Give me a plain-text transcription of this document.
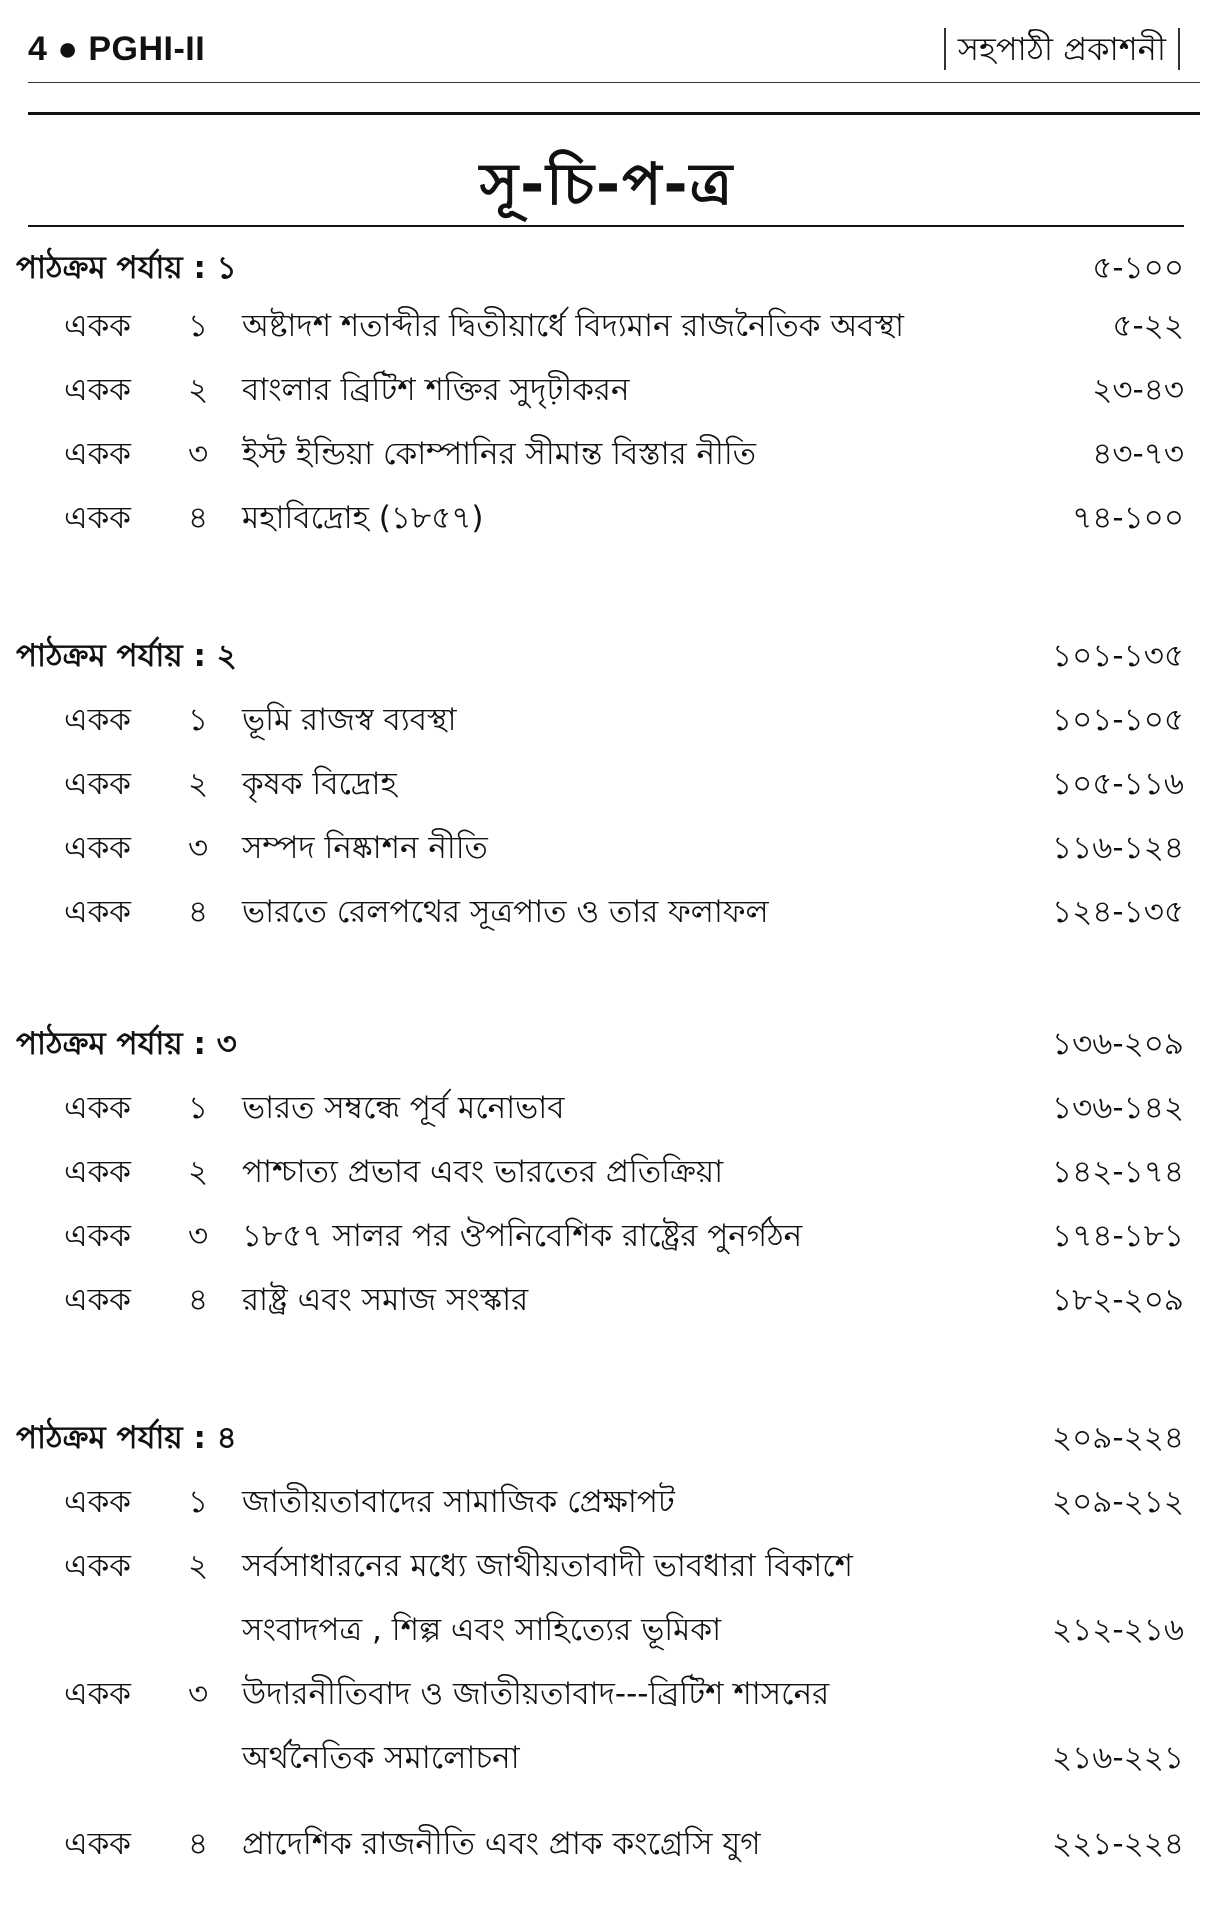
4 ● PGHI-II	সহপাঠী প্রকাশনী
সূ-চি-প-ত্র
পাঠক্রম পর্যায় : ১	৫-১০০
একক ১ অষ্টাদশ শতাব্দীর দ্বিতীয়ার্ধে বিদ্যমান রাজনৈতিক অবস্থা	৫-২২
একক ২ বাংলার ব্রিটিশ শক্তির সুদৃঢ়ীকরন	২৩-৪৩
একক ৩ ইস্ট ইন্ডিয়া কোম্পানির সীমান্ত বিস্তার নীতি	৪৩-৭৩
একক ৪ মহাবিদ্রোহ (১৮৫৭)	৭৪-১০০
পাঠক্রম পর্যায় : ২	১০১-১৩৫
একক ১ ভূমি রাজস্ব ব্যবস্থা	১০১-১০৫
একক ২ কৃষক বিদ্রোহ	১০৫-১১৬
একক ৩ সম্পদ নিষ্কাশন নীতি	১১৬-১২৪
একক ৪ ভারতে রেলপথের সূত্রপাত ও তার ফলাফল	১২৪-১৩৫
পাঠক্রম পর্যায় : ৩	১৩৬-২০৯
একক ১ ভারত সম্বন্ধে পূর্ব মনোভাব	১৩৬-১৪২
একক ২ পাশ্চাত্য প্রভাব এবং ভারতের প্রতিক্রিয়া	১৪২-১৭৪
একক ৩ ১৮৫৭ সালর পর ঔপনিবেশিক রাষ্ট্রের পুনর্গঠন	১৭৪-১৮১
একক ৪ রাষ্ট্র এবং সমাজ সংস্কার	১৮২-২০৯
পাঠক্রম পর্যায় : ৪	২০৯-২২৪
একক ১ জাতীয়তাবাদের সামাজিক প্রেক্ষাপট	২০৯-২১২
একক ২ সর্বসাধারনের মধ্যে জাথীয়তাবাদী ভাবধারা বিকাশে
সংবাদপত্র , শিল্প এবং সাহিত্যের ভূমিকা	২১২-২১৬
একক ৩ উদারনীতিবাদ ও জাতীয়তাবাদ---ব্রিটিশ শাসনের
অর্থনৈতিক সমালোচনা	২১৬-২২১
একক ৪ প্রাদেশিক রাজনীতি এবং প্রাক কংগ্রেসি যুগ	২২১-২২৪
